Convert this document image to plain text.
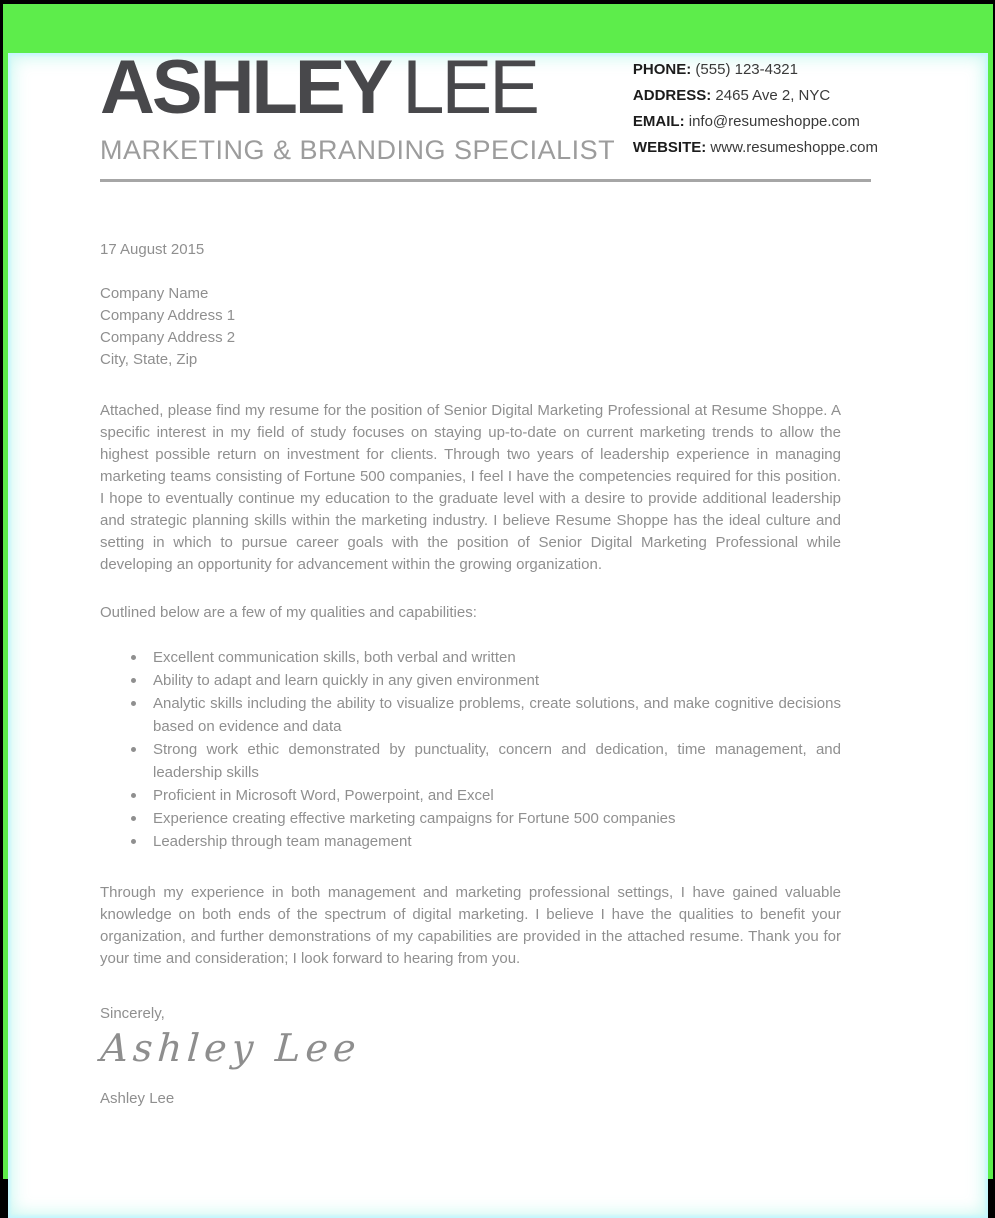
ASHLEY LEE
MARKETING & BRANDING SPECIALIST
PHONE: (555) 123-4321
ADDRESS: 2465 Ave 2, NYC
EMAIL: info@resumeshoppe.com
WEBSITE: www.resumeshoppe.com
17 August 2015
Company Name
Company Address 1
Company Address 2
City, State, Zip
Attached, please find my resume for the position of Senior Digital Marketing Professional at Resume Shoppe. A specific interest in my field of study focuses on staying up-to-date on current marketing trends to allow the highest possible return on investment for clients. Through two years of leadership experience in managing marketing teams consisting of Fortune 500 companies, I feel I have the competencies required for this position. I hope to eventually continue my education to the graduate level with a desire to provide additional leadership and strategic planning skills within the marketing industry. I believe Resume Shoppe has the ideal culture and setting in which to pursue career goals with the position of Senior Digital Marketing Professional while developing an opportunity for advancement within the growing organization.
Outlined below are a few of my qualities and capabilities:
Excellent communication skills, both verbal and written
Ability to adapt and learn quickly in any given environment
Analytic skills including the ability to visualize problems, create solutions, and make cognitive decisions based on evidence and data
Strong work ethic demonstrated by punctuality, concern and dedication, time management, and leadership skills
Proficient in Microsoft Word, Powerpoint, and Excel
Experience creating effective marketing campaigns for Fortune 500 companies
Leadership through team management
Through my experience in both management and marketing professional settings, I have gained valuable knowledge on both ends of the spectrum of digital marketing. I believe I have the qualities to benefit your organization, and further demonstrations of my capabilities are provided in the attached resume. Thank you for your time and consideration; I look forward to hearing from you.
Sincerely,
Ashley Lee
Ashley Lee
